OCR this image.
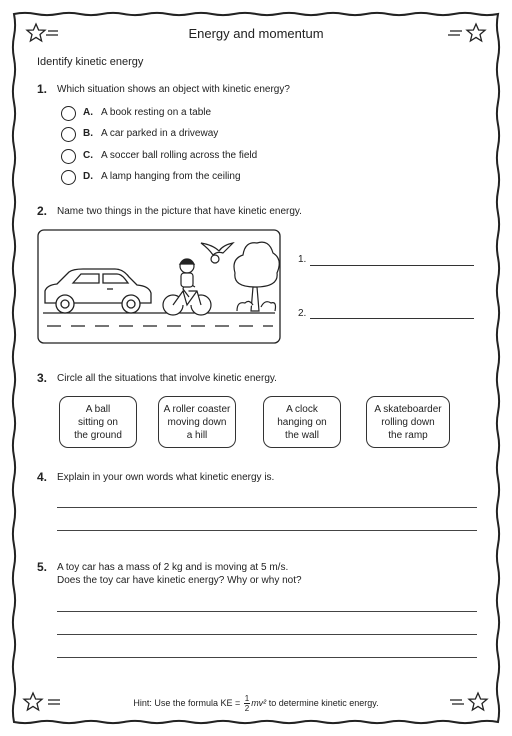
Energy and momentum
Identify kinetic energy
1. Which situation shows an object with kinetic energy?
A. A book resting on a table
B. A car parked in a driveway
C. A soccer ball rolling across the field
D. A lamp hanging from the ceiling
2. Name two things in the picture that have kinetic energy.
1.
2.
3. Circle all the situations that involve kinetic energy.
A ball
sitting on
the ground
A roller coaster
moving down
a hill
A clock
hanging on
the wall
A skateboarder
rolling down
the ramp
4. Explain in your own words what kinetic energy is.
5. A toy car has a mass of 2 kg and is moving at 5 m/s.
Does the toy car have kinetic energy? Why or why not?
Hint: Use the formula KE = $\frac{1}{2} mv^2$ to determine kinetic energy.
